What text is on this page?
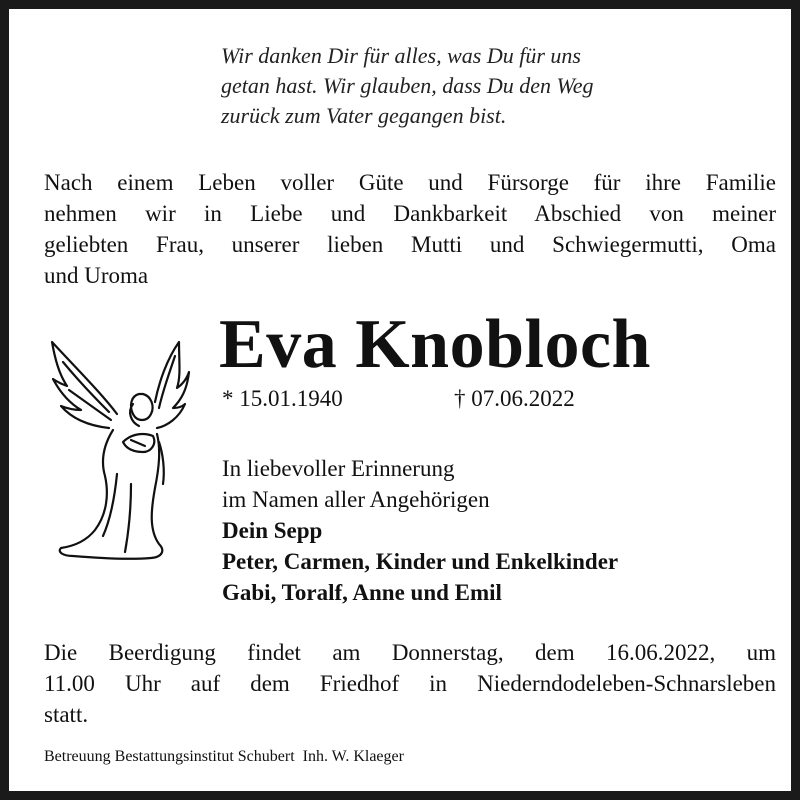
Wir danken Dir für alles, was Du für uns
getan hast. Wir glauben, dass Du den Weg
zurück zum Vater gegangen bist.
Nach einem Leben voller Güte und Fürsorge für ihre Familie
nehmen wir in Liebe und Dankbarkeit Abschied von meiner
geliebten Frau, unserer lieben Mutti und Schwiegermutti, Oma
und Uroma
Eva Knobloch
* 15.01.1940	† 07.06.2022
In liebevoller Erinnerung
im Namen aller Angehörigen
Dein Sepp
Peter, Carmen, Kinder und Enkelkinder
Gabi, Toralf, Anne und Emil
Die Beerdigung findet am Donnerstag, dem 16.06.2022, um
11.00 Uhr auf dem Friedhof in Niederndodeleben-Schnarsleben
statt.
Betreuung Bestattungsinstitut Schubert  Inh. W. Klaeger
